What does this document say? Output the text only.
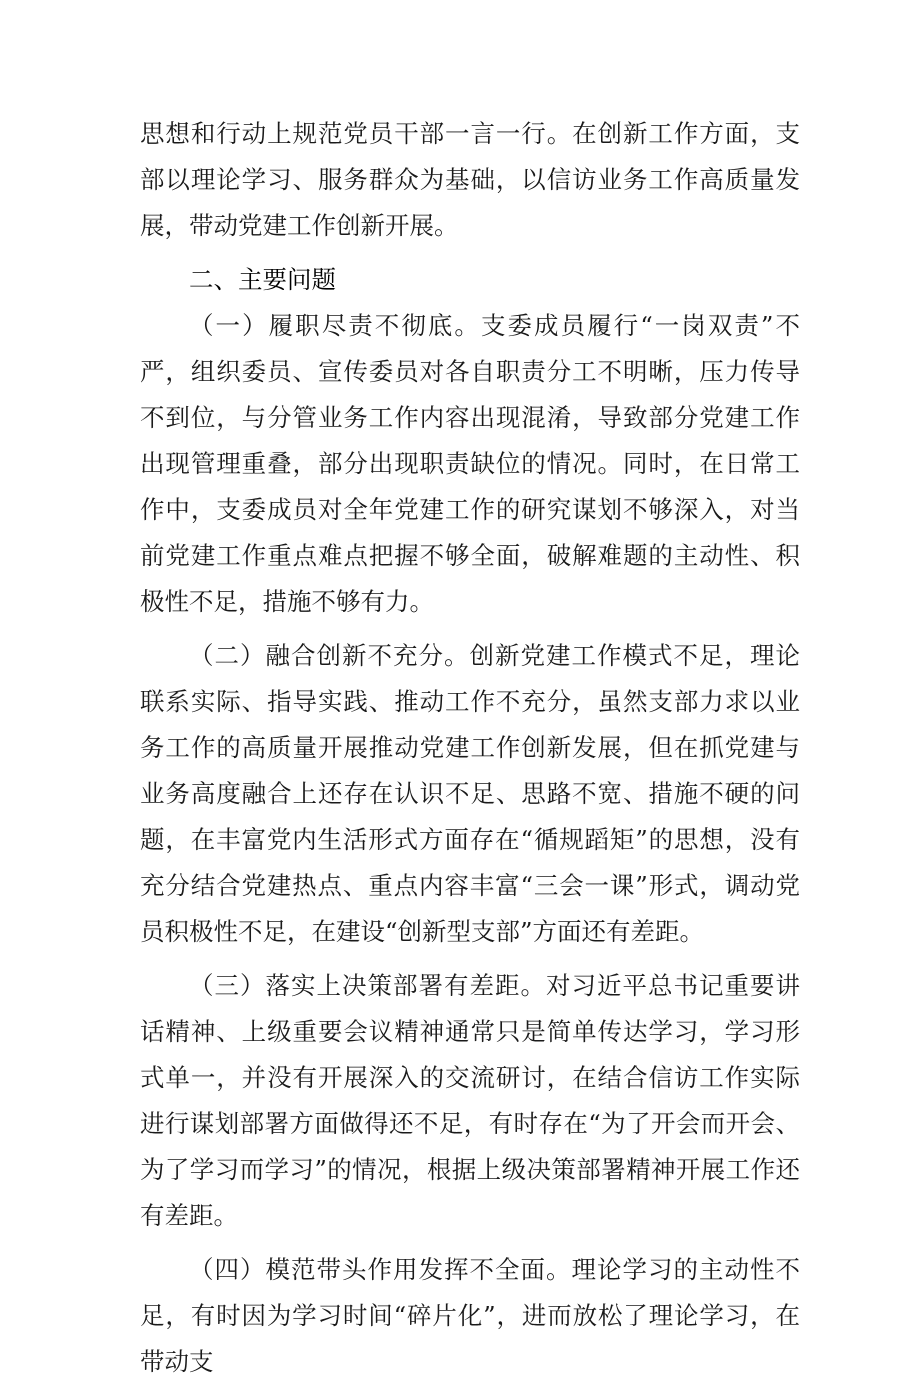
思想和行动上规范党员干部一言一行。在创新工作方面，支部以理论学习、服务群众为基础，以信访业务工作高质量发展，带动党建工作创新开展。

二、主要问题

（一）履职尽责不彻底。支委成员履行“一岗双责”不严，组织委员、宣传委员对各自职责分工不明晰，压力传导不到位，与分管业务工作内容出现混淆，导致部分党建工作出现管理重叠，部分出现职责缺位的情况。同时，在日常工作中，支委成员对全年党建工作的研究谋划不够深入，对当前党建工作重点难点把握不够全面，破解难题的主动性、积极性不足，措施不够有力。

（二）融合创新不充分。创新党建工作模式不足，理论联系实际、指导实践、推动工作不充分，虽然支部力求以业务工作的高质量开展推动党建工作创新发展，但在抓党建与业务高度融合上还存在认识不足、思路不宽、措施不硬的问题，在丰富党内生活形式方面存在“循规蹈矩”的思想，没有充分结合党建热点、重点内容丰富“三会一课”形式，调动党员积极性不足，在建设“创新型支部”方面还有差距。

（三）落实上决策部署有差距。对习近平总书记重要讲话精神、上级重要会议精神通常只是简单传达学习，学习形式单一，并没有开展深入的交流研讨，在结合信访工作实际进行谋划部署方面做得还不足，有时存在“为了开会而开会、为了学习而学习”的情况，根据上级决策部署精神开展工作还有差距。

（四）模范带头作用发挥不全面。理论学习的主动性不足，有时因为学习时间“碎片化”，进而放松了理论学习，在带动支
